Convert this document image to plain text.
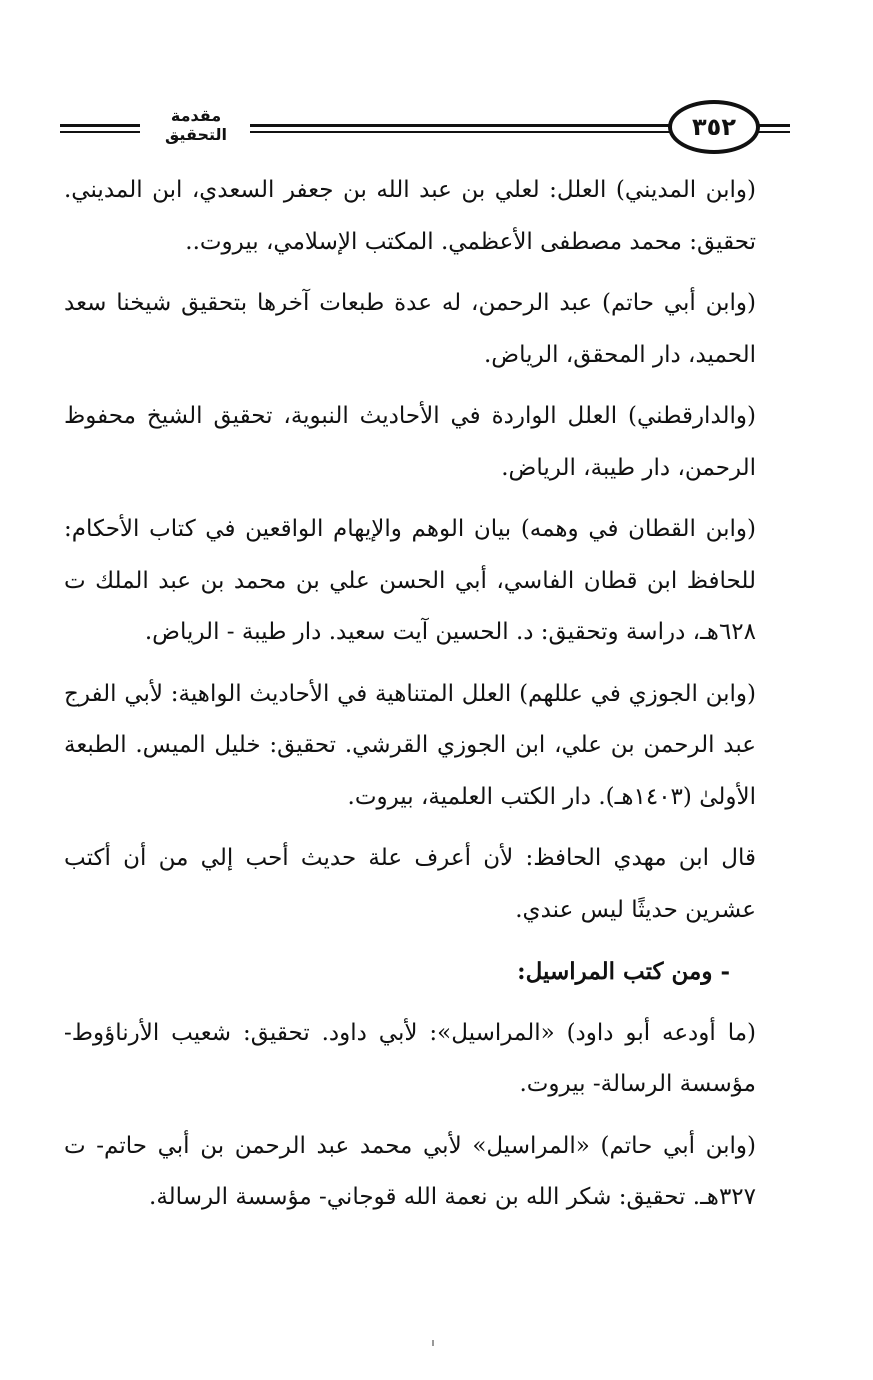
مقدمة التحقيق	٣٥٢

(وابن المديني) العلل: لعلي بن عبد الله بن جعفر السعدي، ابن المديني. تحقيق: محمد مصطفى الأعظمي. المكتب الإسلامي، بيروت..

(وابن أبي حاتم) عبد الرحمن، له عدة طبعات آخرها بتحقيق شيخنا سعد الحميد، دار المحقق، الرياض.

(والدارقطني) العلل الواردة في الأحاديث النبوية، تحقيق الشيخ محفوظ الرحمن، دار طيبة، الرياض.

(وابن القطان في وهمه) بيان الوهم والإيهام الواقعين في كتاب الأحكام: للحافظ ابن قطان الفاسي، أبي الحسن علي بن محمد بن عبد الملك ت ٦٢٨هـ، دراسة وتحقيق: د. الحسين آيت سعيد. دار طيبة - الرياض.

(وابن الجوزي في عللهم) العلل المتناهية في الأحاديث الواهية: لأبي الفرج عبد الرحمن بن علي، ابن الجوزي القرشي. تحقيق: خليل الميس. الطبعة الأولىٰ (١٤٠٣هـ). دار الكتب العلمية، بيروت.

قال ابن مهدي الحافظ: لأن أعرف علة حديث أحب إلي من أن أكتب عشرين حديثًا ليس عندي.

- ومن كتب المراسيل:

(ما أودعه أبو داود) «المراسيل»: لأبي داود. تحقيق: شعيب الأرناؤوط- مؤسسة الرسالة- بيروت.

(وابن أبي حاتم) «المراسيل» لأبي محمد عبد الرحمن بن أبي حاتم- ت ٣٢٧هـ. تحقيق: شكر الله بن نعمة الله قوجاني- مؤسسة الرسالة.
